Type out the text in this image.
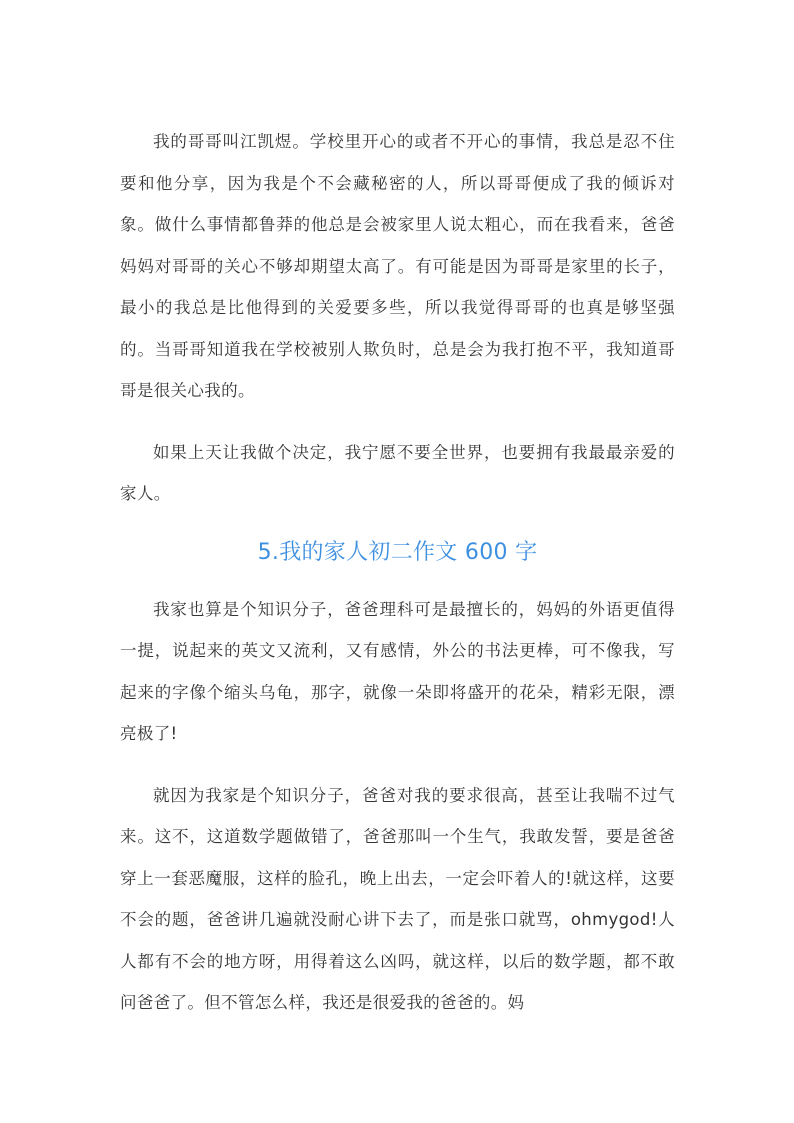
我的哥哥叫江凯煜。学校里开心的或者不开心的事情，我总是忍不住要和他分享，因为我是个不会藏秘密的人，所以哥哥便成了我的倾诉对象。做什么事情都鲁莽的他总是会被家里人说太粗心，而在我看来，爸爸妈妈对哥哥的关心不够却期望太高了。有可能是因为哥哥是家里的长子，最小的我总是比他得到的关爱要多些，所以我觉得哥哥的也真是够坚强的。当哥哥知道我在学校被别人欺负时，总是会为我打抱不平，我知道哥哥是很关心我的。

如果上天让我做个决定，我宁愿不要全世界，也要拥有我最最亲爱的家人。

5.我的家人初二作文 600 字

我家也算是个知识分子，爸爸理科可是最擅长的，妈妈的外语更值得一提，说起来的英文又流利，又有感情，外公的书法更棒，可不像我，写起来的字像个缩头乌龟，那字，就像一朵即将盛开的花朵，精彩无限，漂亮极了!

就因为我家是个知识分子，爸爸对我的要求很高，甚至让我喘不过气来。这不，这道数学题做错了，爸爸那叫一个生气，我敢发誓，要是爸爸穿上一套恶魔服，这样的脸孔，晚上出去，一定会吓着人的!就这样，这要不会的题，爸爸讲几遍就没耐心讲下去了，而是张口就骂，ohmygod!人人都有不会的地方呀，用得着这么凶吗，就这样，以后的数学题，都不敢问爸爸了。但不管怎么样，我还是很爱我的爸爸的。妈
